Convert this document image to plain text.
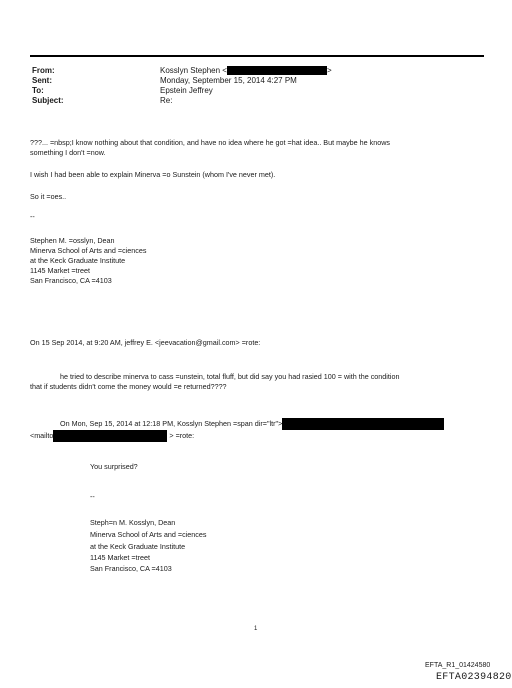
From:	Kosslyn Stephen <	>
Sent:	Monday, September 15, 2014 4:27 PM
To:	Epstein Jeffrey
Subject:	Re:
???... =nbsp;I know nothing about that condition, and have no idea where he got =hat idea.. But maybe he knows
something I don't =now.
I wish I had been able to explain Minerva =o Sunstein (whom I've never met).
So it =oes..
--
Stephen M. =osslyn, Dean
Minerva School of Arts and =ciences
at the Keck Graduate Institute
1145 Market =treet
San Francisco, CA =4103
On 15 Sep 2014, at 9:20 AM, jeffrey E. <jeevacation@gmail.com> =rote:
he tried to describe minerva to cass =unstein, total fluff, but did say you had rasied 100 = with the condition
that if students didn't come the money would =e returned????
On Mon, Sep 15, 2014 at 12:18 PM, Kosslyn Stephen =span dir="ltr">
<mailto	> =rote:
You surprised?
--
Steph=n M. Kosslyn, Dean
Minerva School of Arts and =ciences
at the Keck Graduate Institute
1145 Market =treet
San Francisco, CA =4103
1
EFTA_R1_01424580
EFTA02394820
